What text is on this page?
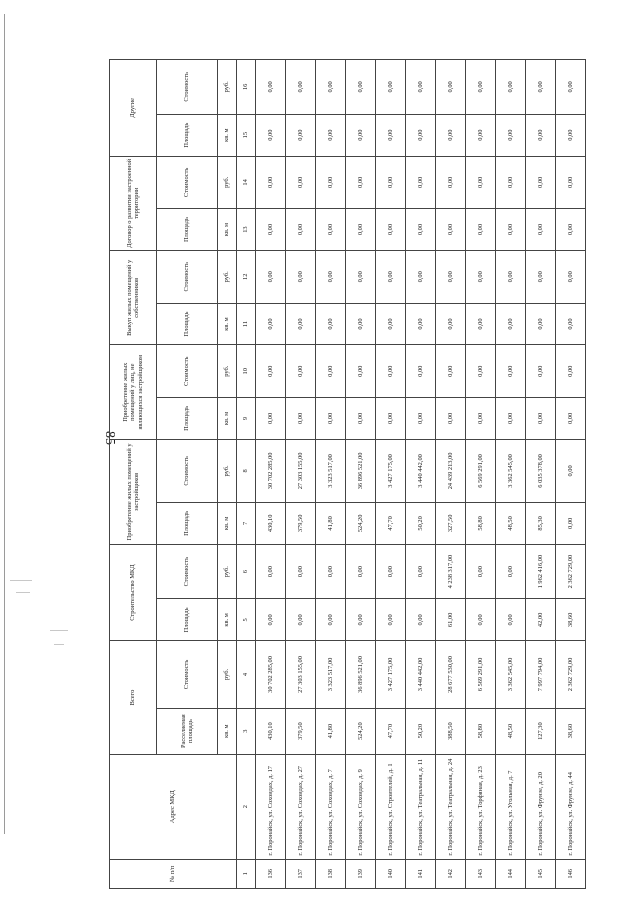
85
№ п/п	Адрес МКД	Всего		Строительство МКД		Приобретение жилых помещений у застройщиков		Приобретение жилых помещений у лиц, не являющихся застройщиком		Выкуп жилых помещений у собственников		Договор о развитии застроенной территории		Другие	
		Расселяемая площадь	Стоимость	Площадь	Стоимость	Площадь	Стоимость	Площадь	Стоимость	Площадь	Стоимость	Площадь	Стоимость	Площадь	Стоимость
		кв. м	руб.	кв. м	руб.	кв. м	руб.	кв. м	руб.	кв. м	руб.	кв. м	руб.	кв. м	руб.
1	2	3	4	5	6	7	8	9	10	11	12	13	14	15	16
136	г. Поронайск, ул. Сохоидах, д. 17	430,10	30 702 285,00	0,00	0,00	430,10	30 702 285,00	0,00	0,00	0,00	0,00	0,00	0,00	0,00	0,00
137	г. Поронайск, ул. Сохоидах, д. 27	379,50	27 303 155,00	0,00	0,00	379,50	27 303 155,00	0,00	0,00	0,00	0,00	0,00	0,00	0,00	0,00
138	г. Поронайск, ул. Сохоидах, д. 7	41,80	3 323 517,00	0,00	0,00	41,80	3 323 517,00	0,00	0,00	0,00	0,00	0,00	0,00	0,00	0,00
139	г. Поронайск, ул. Сохоидах, д. 9	524,20	36 896 521,00	0,00	0,00	524,20	36 896 521,00	0,00	0,00	0,00	0,00	0,00	0,00	0,00	0,00
140	г. Поронайск, ул. Строителей, д. 1	47,70	3 427 175,00	0,00	0,00	47,70	3 427 175,00	0,00	0,00	0,00	0,00	0,00	0,00	0,00	0,00
141	г. Поронайск, ул. Театральная, д. 11	50,20	3 440 442,00	0,00	0,00	50,20	3 440 442,00	0,00	0,00	0,00	0,00	0,00	0,00	0,00	0,00
142	г. Поронайск, ул. Театральная, д. 24	388,50	28 677 530,00	61,00	4 238 317,00	327,50	24 439 213,00	0,00	0,00	0,00	0,00	0,00	0,00	0,00	0,00
143	г. Поронайск, ул. Торфяная, д. 23	58,80	6 569 291,00	0,00	0,00	58,80	6 569 291,00	0,00	0,00	0,00	0,00	0,00	0,00	0,00	0,00
144	г. Поронайск, ул. Угольная, д. 7	48,50	3 362 545,00	0,00	0,00	48,50	3 362 545,00	0,00	0,00	0,00	0,00	0,00	0,00	0,00	0,00
145	г. Поронайск, ул. Фрунзе, д. 20	127,30	7 997 794,00	42,00	1 962 416,00	85,30	6 035 378,00	0,00	0,00	0,00	0,00	0,00	0,00	0,00	0,00
146	г. Поронайск, ул. Фрунзе, д. 44	38,60	2 362 729,00	38,60	2 362 729,00	0,00	0,00	0,00	0,00	0,00	0,00	0,00	0,00	0,00	0,00
